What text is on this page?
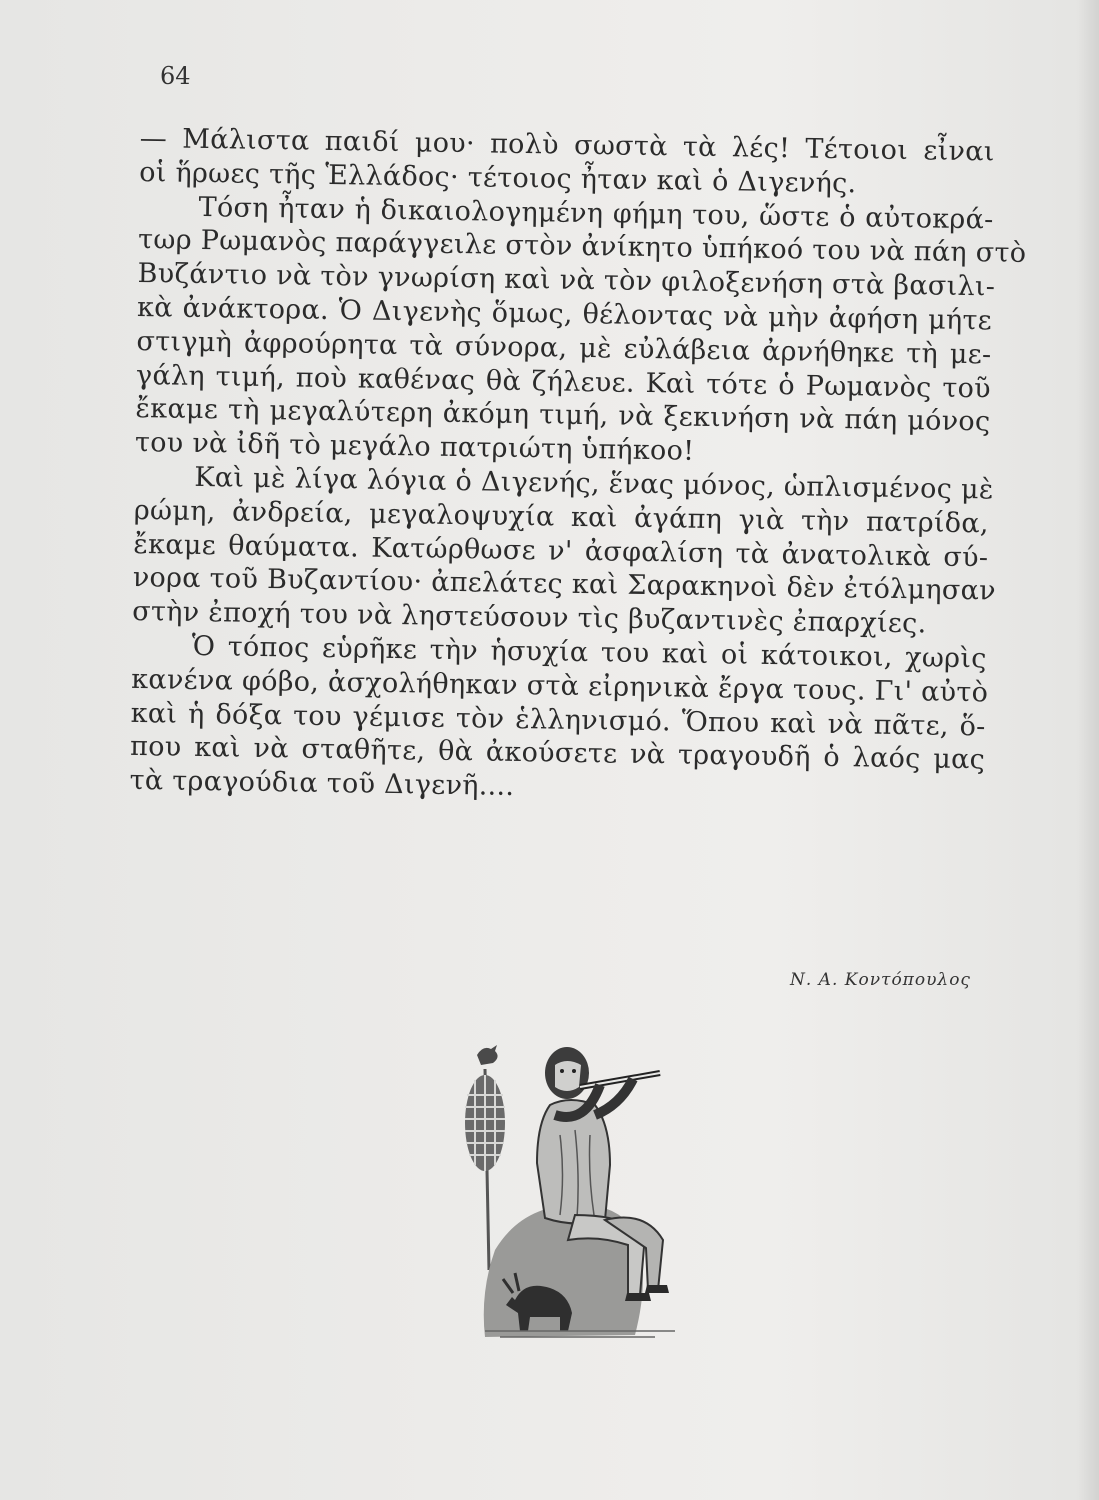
64
— Μάλιστα παιδί μου· πολὺ σωστὰ τὰ λές! Τέτοιοι εἶναι
οἱ ἥρωες τῆς Ἑλλάδος· τέτοιος ἦταν καὶ ὁ Διγενής.
Τόση ἦταν ἡ δικαιολογημένη φήμη του, ὥστε ὁ αὐτοκρά-
τωρ Ρωμανὸς παράγγειλε στὸν ἀνίκητο ὑπήκοό του νὰ πάη στὸ
Βυζάντιο νὰ τὸν γνωρίση καὶ νὰ τὸν φιλοξενήση στὰ βασιλι-
κὰ ἀνάκτορα. Ὁ Διγενὴς ὅμως, θέλοντας νὰ μὴν ἀφήση μήτε
στιγμὴ ἀφρούρητα τὰ σύνορα, μὲ εὐλάβεια ἀρνήθηκε τὴ με-
γάλη τιμή, ποὺ καθένας θὰ ζήλευε. Καὶ τότε ὁ Ρωμανὸς τοῦ
ἔκαμε τὴ μεγαλύτερη ἀκόμη τιμή, νὰ ξεκινήση νὰ πάη μόνος
του νὰ ἰδῆ τὸ μεγάλο πατριώτη ὑπήκοο!
Καὶ μὲ λίγα λόγια ὁ Διγενής, ἕνας μόνος, ὡπλισμένος μὲ
ρώμη, ἀνδρεία, μεγαλοψυχία καὶ ἀγάπη γιὰ τὴν πατρίδα,
ἔκαμε θαύματα. Κατώρθωσε ν' ἀσφαλίση τὰ ἀνατολικὰ σύ-
νορα τοῦ Βυζαντίου· ἀπελάτες καὶ Σαρακηνοὶ δὲν ἐτόλμησαν
στὴν ἐποχή του νὰ ληστεύσουν τὶς βυζαντινὲς ἐπαρχίες.
Ὁ τόπος εὑρῆκε τὴν ἡσυχία του καὶ οἱ κάτοικοι, χωρὶς
κανένα φόβο, ἀσχολήθηκαν στὰ εἰρηνικὰ ἔργα τους. Γι' αὐτὸ
καὶ ἡ δόξα του γέμισε τὸν ἑλληνισμό. Ὅπου καὶ νὰ πᾶτε, ὅ-
που καὶ νὰ σταθῆτε, θὰ ἀκούσετε νὰ τραγουδῆ ὁ λαός μας
τὰ τραγούδια τοῦ Διγενῆ....
Ν. Α. Κοντόπουλος
